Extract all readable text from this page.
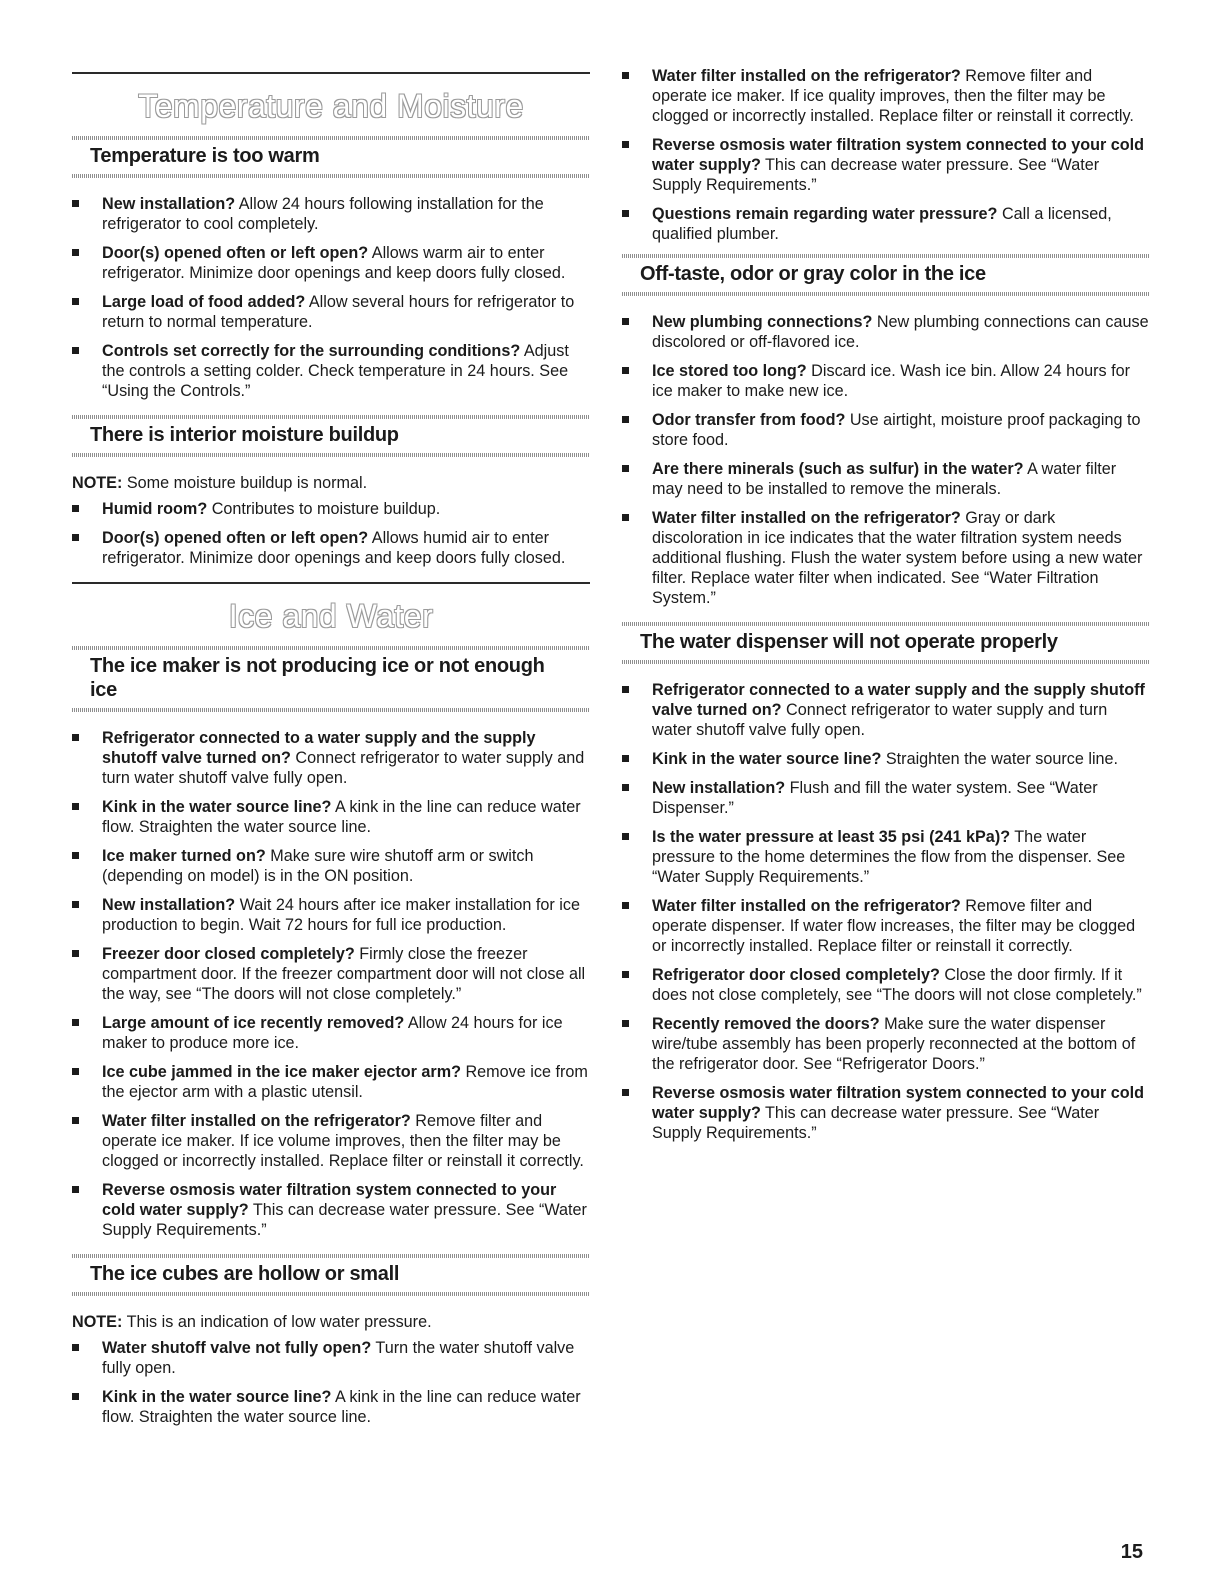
Temperature and Moisture
Temperature is too warm
New installation? Allow 24 hours following installation for the refrigerator to cool completely.
Door(s) opened often or left open? Allows warm air to enter refrigerator. Minimize door openings and keep doors fully closed.
Large load of food added? Allow several hours for refrigerator to return to normal temperature.
Controls set correctly for the surrounding conditions? Adjust the controls a setting colder. Check temperature in 24 hours. See “Using the Controls.”
There is interior moisture buildup

NOTE: Some moisture buildup is normal.

Humid room? Contributes to moisture buildup.
Door(s) opened often or left open? Allows humid air to enter refrigerator. Minimize door openings and keep doors fully closed.
Ice and Water
The ice maker is not producing ice or not enough ice
Refrigerator connected to a water supply and the supply shutoff valve turned on? Connect refrigerator to water supply and turn water shutoff valve fully open.
Kink in the water source line? A kink in the line can reduce water flow. Straighten the water source line.
Ice maker turned on? Make sure wire shutoff arm or switch (depending on model) is in the ON position.
New installation? Wait 24 hours after ice maker installation for ice production to begin. Wait 72 hours for full ice production.
Freezer door closed completely? Firmly close the freezer compartment door. If the freezer compartment door will not close all the way, see “The doors will not close completely.”
Large amount of ice recently removed? Allow 24 hours for ice maker to produce more ice.
Ice cube jammed in the ice maker ejector arm? Remove ice from the ejector arm with a plastic utensil.
Water filter installed on the refrigerator? Remove filter and operate ice maker. If ice volume improves, then the filter may be clogged or incorrectly installed. Replace filter or reinstall it correctly.
Reverse osmosis water filtration system connected to your cold water supply? This can decrease water pressure. See “Water Supply Requirements.”
The ice cubes are hollow or small

NOTE: This is an indication of low water pressure.

Water shutoff valve not fully open? Turn the water shutoff valve fully open.
Kink in the water source line? A kink in the line can reduce water flow. Straighten the water source line.
Water filter installed on the refrigerator? Remove filter and operate ice maker. If ice quality improves, then the filter may be clogged or incorrectly installed. Replace filter or reinstall it correctly.
Reverse osmosis water filtration system connected to your cold water supply? This can decrease water pressure. See “Water Supply Requirements.”
Questions remain regarding water pressure? Call a licensed, qualified plumber.
Off-taste, odor or gray color in the ice
New plumbing connections? New plumbing connections can cause discolored or off-flavored ice.
Ice stored too long? Discard ice. Wash ice bin. Allow 24 hours for ice maker to make new ice.
Odor transfer from food? Use airtight, moisture proof packaging to store food.
Are there minerals (such as sulfur) in the water? A water filter may need to be installed to remove the minerals.
Water filter installed on the refrigerator? Gray or dark discoloration in ice indicates that the water filtration system needs additional flushing. Flush the water system before using a new water filter. Replace water filter when indicated. See “Water Filtration System.”
The water dispenser will not operate properly
Refrigerator connected to a water supply and the supply shutoff valve turned on? Connect refrigerator to water supply and turn water shutoff valve fully open.
Kink in the water source line? Straighten the water source line.
New installation? Flush and fill the water system. See “Water Dispenser.”
Is the water pressure at least 35 psi (241 kPa)? The water pressure to the home determines the flow from the dispenser. See “Water Supply Requirements.”
Water filter installed on the refrigerator? Remove filter and operate dispenser. If water flow increases, the filter may be clogged or incorrectly installed. Replace filter or reinstall it correctly.
Refrigerator door closed completely? Close the door firmly. If it does not close completely, see “The doors will not close completely.”
Recently removed the doors? Make sure the water dispenser wire/tube assembly has been properly reconnected at the bottom of the refrigerator door. See “Refrigerator Doors.”
Reverse osmosis water filtration system connected to your cold water supply? This can decrease water pressure. See “Water Supply Requirements.”
15
